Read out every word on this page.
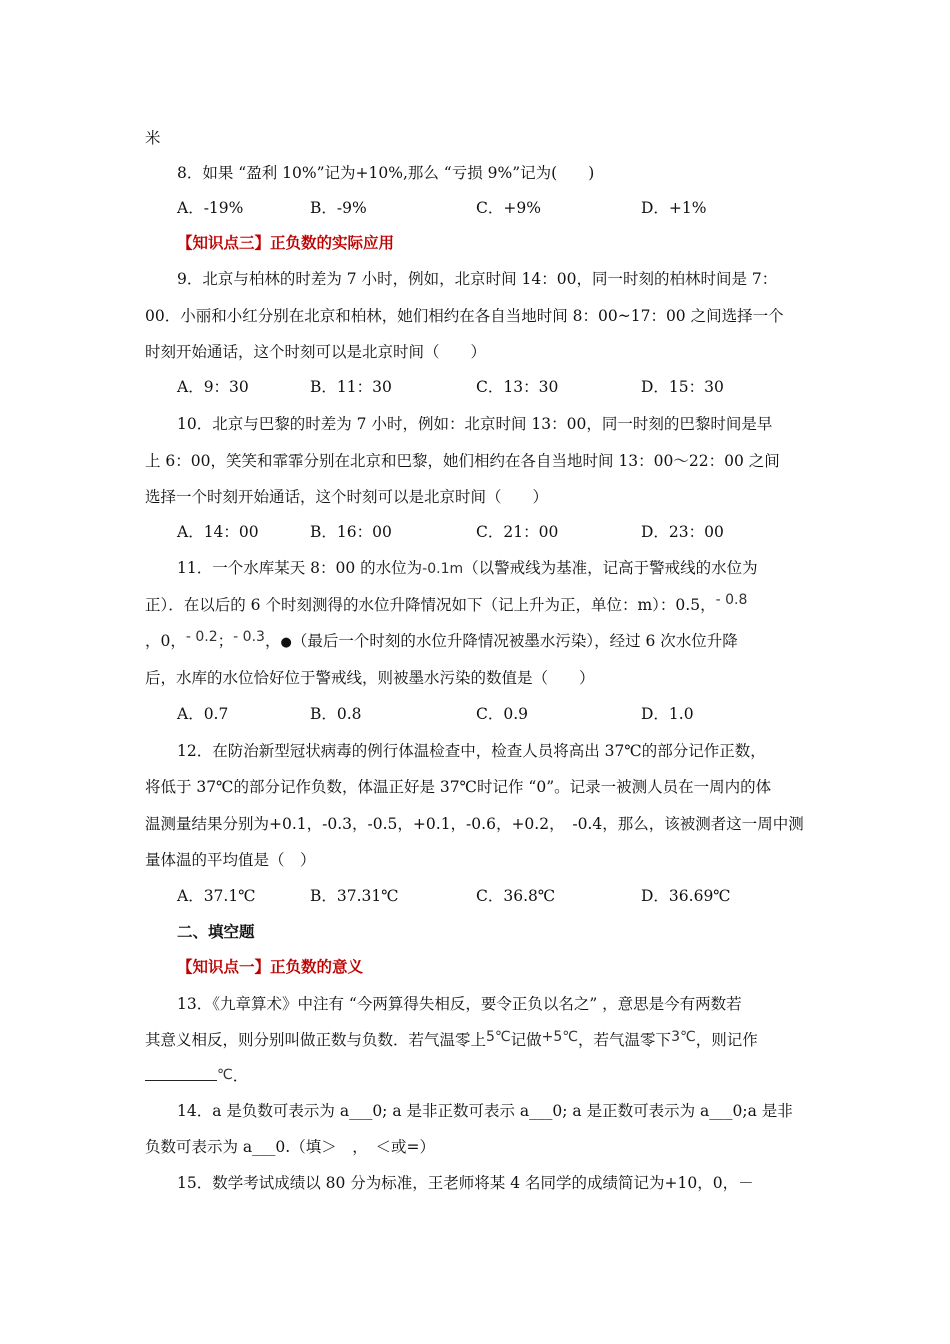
米
8．如果 “盈利 10%”记为+10%,那么 “亏损 9%”记为(　　)
A．-19%	B．-9%	C．+9%	D．+1%
【知识点三】正负数的实际应用
9．北京与柏林的时差为 7 小时，例如，北京时间 14：00，同一时刻的柏林时间是 7：
00．小丽和小红分别在北京和柏林，她们相约在各自当地时间 8：00~17：00 之间选择一个
时刻开始通话，这个时刻可以是北京时间（　　）
A．9：30	B．11：30	C．13：30	D．15：30
10．北京与巴黎的时差为 7 小时，例如：北京时间 13：00，同一时刻的巴黎时间是早
上 6：00，笑笑和霏霏分别在北京和巴黎，她们相约在各自当地时间 13：00～22：00 之间
选择一个时刻开始通话，这个时刻可以是北京时间（　　）
A．14：00	B．16：00	C．21：00	D．23：00
11．一个水库某天 8：00 的水位为-0.1m（以警戒线为基准，记高于警戒线的水位为
正）．在以后的 6 个时刻测得的水位升降情况如下（记上升为正，单位：m）：0.5，- 0.8
，0，- 0.2；- 0.3，●（最后一个时刻的水位升降情况被墨水污染），经过 6 次水位升降
后，水库的水位恰好位于警戒线，则被墨水污染的数值是（　　）
A．0.7	B．0.8	C．0.9	D．1.0
12．在防治新型冠状病毒的例行体温检查中，检查人员将高出 37℃的部分记作正数，
将低于 37℃的部分记作负数，体温正好是 37℃时记作 “0”。记录一被测人员在一周内的体
温测量结果分别为+0.1，-0.3，-0.5，+0.1，-0.6，+0.2，　-0.4，那么，该被测者这一周中测
量体温的平均值是（　）
A．37.1℃	B．37.31℃	C．36.8℃	D．36.69℃
二、填空题
【知识点一】正负数的意义
13．《九章算术》中注有 “今两算得失相反，要令正负以名之” ，意思是今有两数若
其意义相反，则分别叫做正数与负数．若气温零上5℃记做+5℃，若气温零下3℃，则记作
℃．
14．a 是负数可表示为 a___0; a 是非正数可表示 a___0; a 是正数可表示为 a___0;a 是非
负数可表示为 a___0.（填＞　，　＜或=）
15．数学考试成绩以 80 分为标准，王老师将某 4 名同学的成绩简记为+10，0，－
